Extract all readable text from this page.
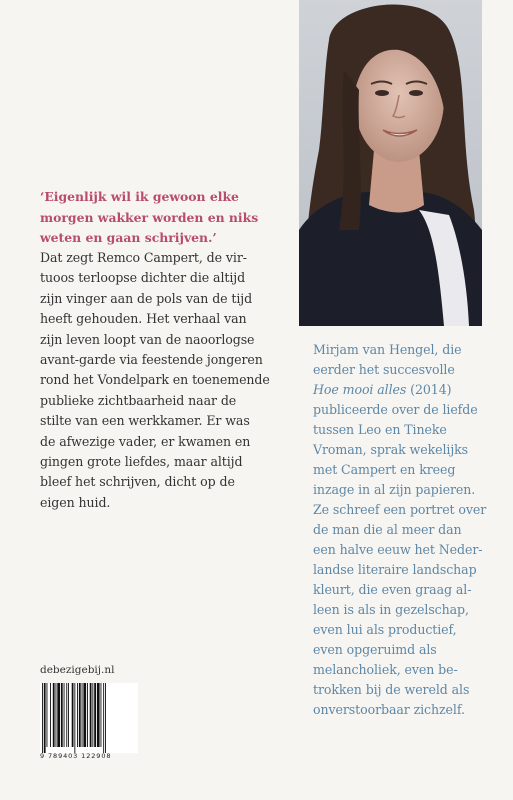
‘Eigenlijk wil ik gewoon elke
morgen wakker worden en niks
weten en gaan schrijven.’
Dat zegt Remco Campert, de vir-
tuoos terloopse dichter die altijd
zijn vinger aan de pols van de tijd
heeft gehouden. Het verhaal van
zijn leven loopt van de naoorlogse
avant-garde via feestende jongeren
rond het Vondelpark en toenemende
publieke zichtbaarheid naar de
stilte van een werkkamer. Er was
de afwezige vader, er kwamen en
gingen grote liefdes, maar altijd
bleef het schrijven, dicht op de
eigen huid.
Mirjam van Hengel, die
eerder het succesvolle
Hoe mooi alles (2014)
publiceerde over de liefde
tussen Leo en Tineke
Vroman, sprak wekelijks
met Campert en kreeg
inzage in al zijn papieren.
Ze schreef een portret over
de man die al meer dan
een halve eeuw het Neder-
landse literaire landschap
kleurt, die even graag al-
leen is als in gezelschap,
even lui als productief,
even opgeruimd als
melancholiek, even be-
trokken bij de wereld als
onverstoorbaar zichzelf.
debezigebij.nl
9 789403 122908
